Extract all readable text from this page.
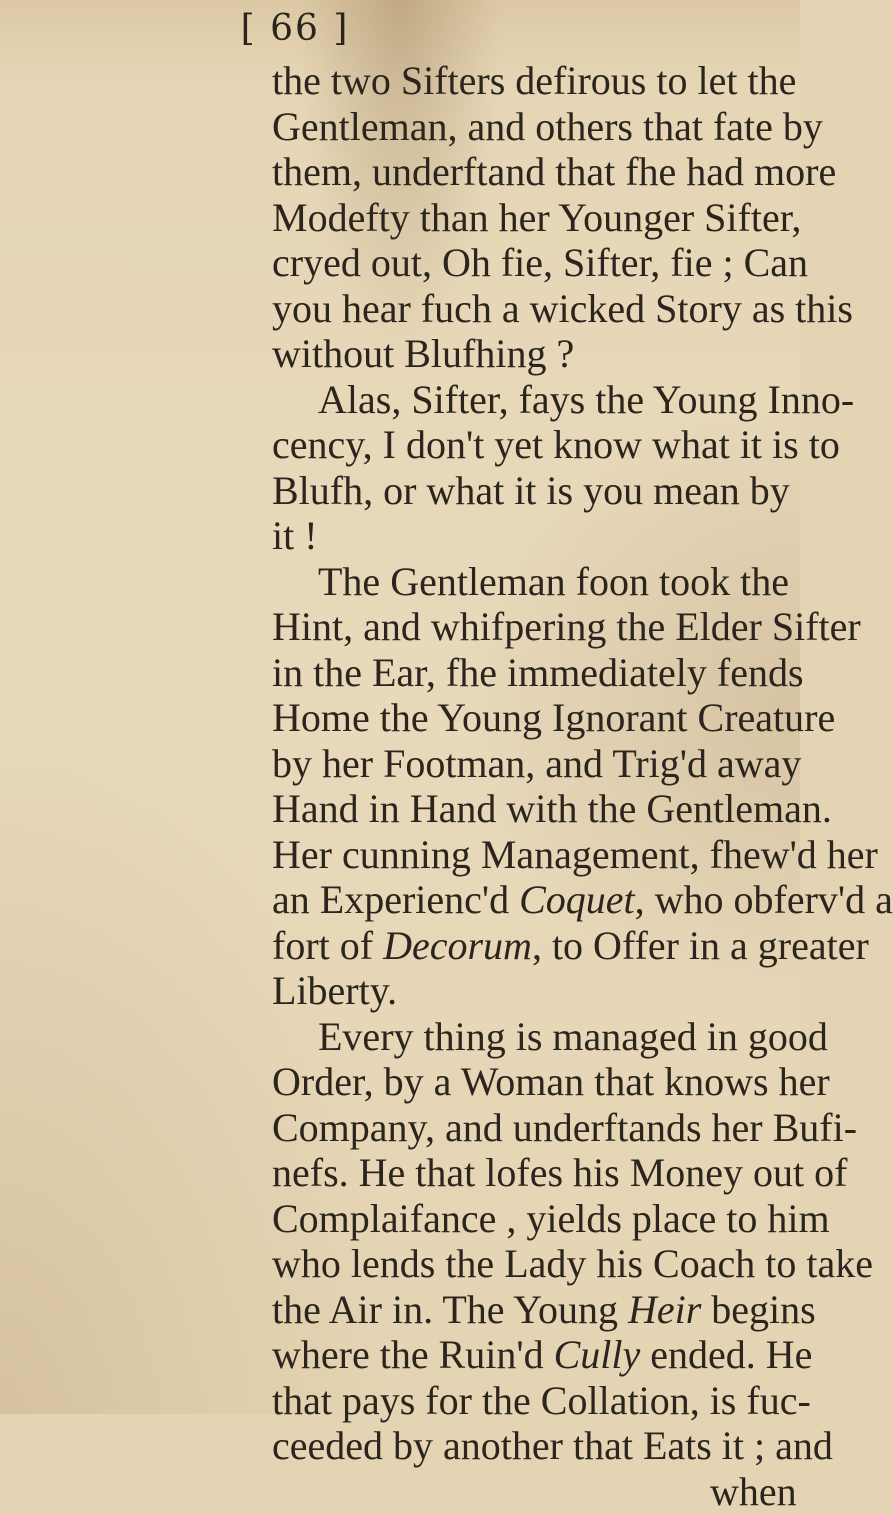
[ 66 ]
the two Sifters defirous to let the
Gentleman, and others that fate by
them, underftand that fhe had more
Modefty than her Younger Sifter,
cryed out, Oh fie, Sifter, fie ; Can
you hear fuch a wicked Story as this
without Blufhing ?
Alas, Sifter, fays the Young Inno-
cency, I don't yet know what it is to
Blufh, or what it is you mean by
it !
The Gentleman foon took the
Hint, and whifpering the Elder Sifter
in the Ear, fhe immediately fends
Home the Young Ignorant Creature
by her Footman, and Trig'd away
Hand in Hand with the Gentleman.
Her cunning Management, fhew'd her
an Experienc'd Coquet, who obferv'd a
fort of Decorum, to Offer in a greater
Liberty.
Every thing is managed in good
Order, by a Woman that knows her
Company, and underftands her Bufi-
nefs. He that lofes his Money out of
Complaifance , yields place to him
who lends the Lady his Coach to take
the Air in. The Young Heir begins
where the Ruin'd Cully ended. He
that pays for the Collation, is fuc-
ceeded by another that Eats it ; and
when
